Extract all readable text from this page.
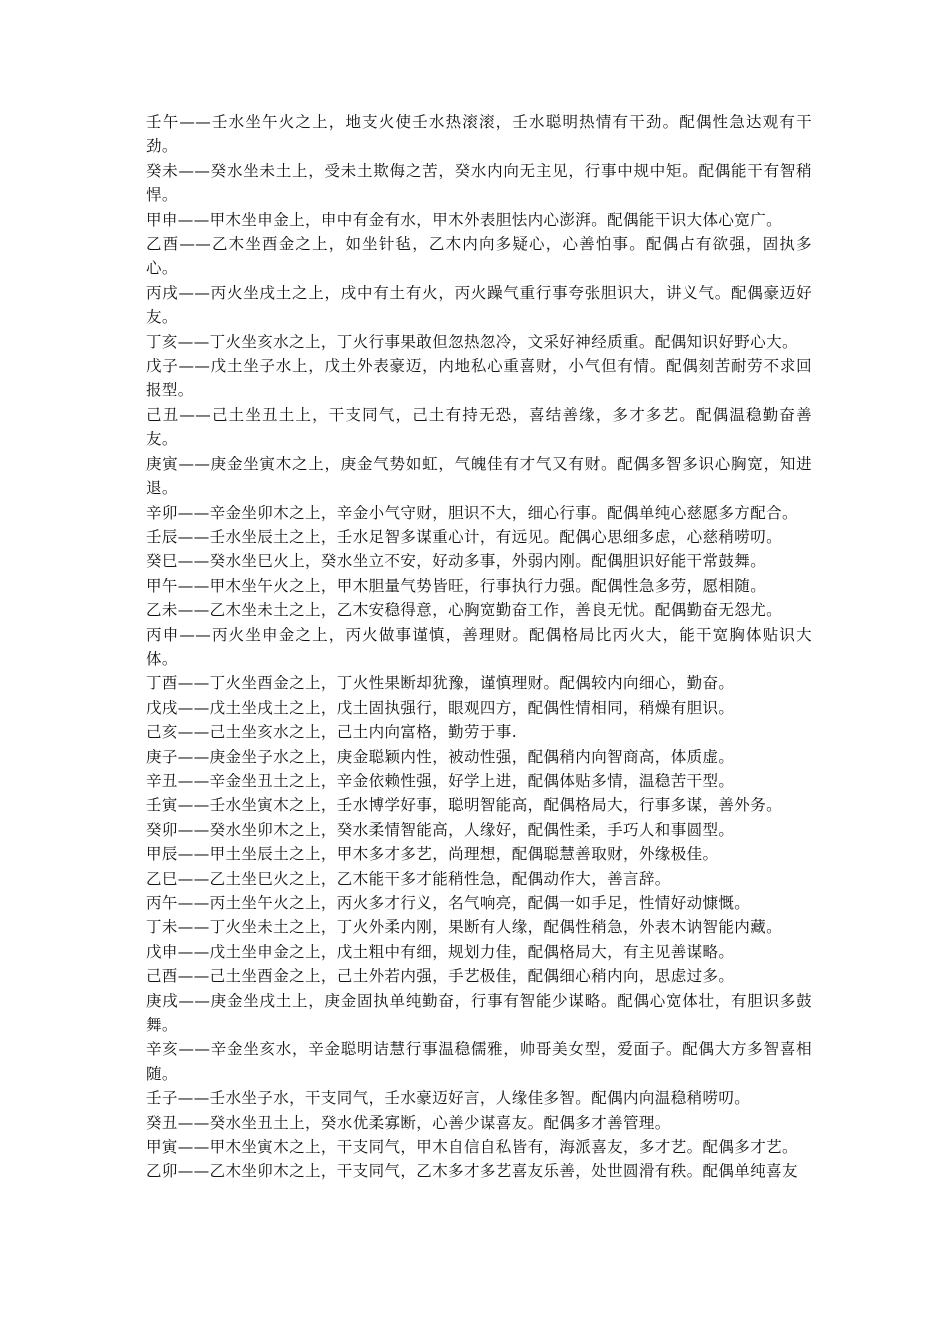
壬午——壬水坐午火之上，地支火使壬水热滚滚，壬水聪明热情有干劲。配偶性急达观有干劲。

癸未——癸水坐未土上，受未土欺侮之苦，癸水内向无主见，行事中规中矩。配偶能干有智稍悍。

甲申——甲木坐申金上，申中有金有水，甲木外表胆怯内心澎湃。配偶能干识大体心宽广。

乙酉——乙木坐酉金之上，如坐针毡，乙木内向多疑心，心善怕事。配偶占有欲强，固执多心。

丙戌——丙火坐戌土之上，戌中有土有火，丙火躁气重行事夸张胆识大，讲义气。配偶豪迈好友。

丁亥——丁火坐亥水之上，丁火行事果敢但忽热忽冷，文采好神经质重。配偶知识好野心大。

戊子——戊土坐子水上，戊土外表豪迈，内地私心重喜财，小气但有情。配偶刻苦耐劳不求回报型。

己丑——己土坐丑土上，干支同气，己土有持无恐，喜结善缘，多才多艺。配偶温稳勤奋善友。

庚寅——庚金坐寅木之上，庚金气势如虹，气魄佳有才气又有财。配偶多智多识心胸宽，知进退。

辛卯——辛金坐卯木之上，辛金小气守财，胆识不大，细心行事。配偶单纯心慈愿多方配合。

壬辰——壬水坐辰土之上，壬水足智多谋重心计，有远见。配偶心思细多虑，心慈稍唠叨。

癸巳——癸水坐巳火上，癸水坐立不安，好动多事，外弱内刚。配偶胆识好能干常鼓舞。

甲午——甲木坐午火之上，甲木胆量气势皆旺，行事执行力强。配偶性急多劳，愿相随。

乙未——乙木坐未土之上，乙木安稳得意，心胸宽勤奋工作，善良无忧。配偶勤奋无怨尤。

丙申——丙火坐申金之上，丙火做事谨慎，善理财。配偶格局比丙火大，能干宽胸体贴识大体。

丁酉——丁火坐酉金之上，丁火性果断却犹豫，谨慎理财。配偶较内向细心，勤奋。

戊戌——戊土坐戌土之上，戊土固执强行，眼观四方，配偶性情相同，稍燥有胆识。

己亥——己土坐亥水之上，己土内向富格，勤劳于事.

庚子——庚金坐子水之上，庚金聪颖内性，被动性强，配偶稍内向智商高，体质虚。

辛丑——辛金坐丑土之上，辛金依赖性强，好学上进，配偶体贴多情，温稳苦干型。

壬寅——壬水坐寅木之上，壬水博学好事，聪明智能高，配偶格局大，行事多谋，善外务。

癸卯——癸水坐卯木之上，癸水柔情智能高，人缘好，配偶性柔，手巧人和事圆型。

甲辰——甲土坐辰土之上，甲木多才多艺，尚理想，配偶聪慧善取财，外缘极佳。

乙巳——乙土坐巳火之上，乙木能干多才能稍性急，配偶动作大，善言辞。

丙午——丙土坐午火之上，丙火多才行义，名气响亮，配偶一如手足，性情好动慷慨。

丁未——丁火坐未土之上，丁火外柔内刚，果断有人缘，配偶性稍急，外表木讷智能内藏。

戊申——戊土坐申金之上，戊土粗中有细，规划力佳，配偶格局大，有主见善谋略。

己酉——己土坐酉金之上，己土外若内强，手艺极佳，配偶细心稍内向，思虑过多。

庚戌——庚金坐戌土上，庚金固执单纯勤奋，行事有智能少谋略。配偶心宽体壮，有胆识多鼓舞。

辛亥——辛金坐亥水，辛金聪明诘慧行事温稳儒雅，帅哥美女型，爱面子。配偶大方多智喜相随。

壬子——壬水坐子水，干支同气，壬水豪迈好言，人缘佳多智。配偶内向温稳稍唠叨。

癸丑——癸水坐丑土上，癸水优柔寡断，心善少谋喜友。配偶多才善管理。

甲寅——甲木坐寅木之上，干支同气，甲木自信自私皆有，海派喜友，多才艺。配偶多才艺。

乙卯——乙木坐卯木之上，干支同气，乙木多才多艺喜友乐善，处世圆滑有秩。配偶单纯喜友
